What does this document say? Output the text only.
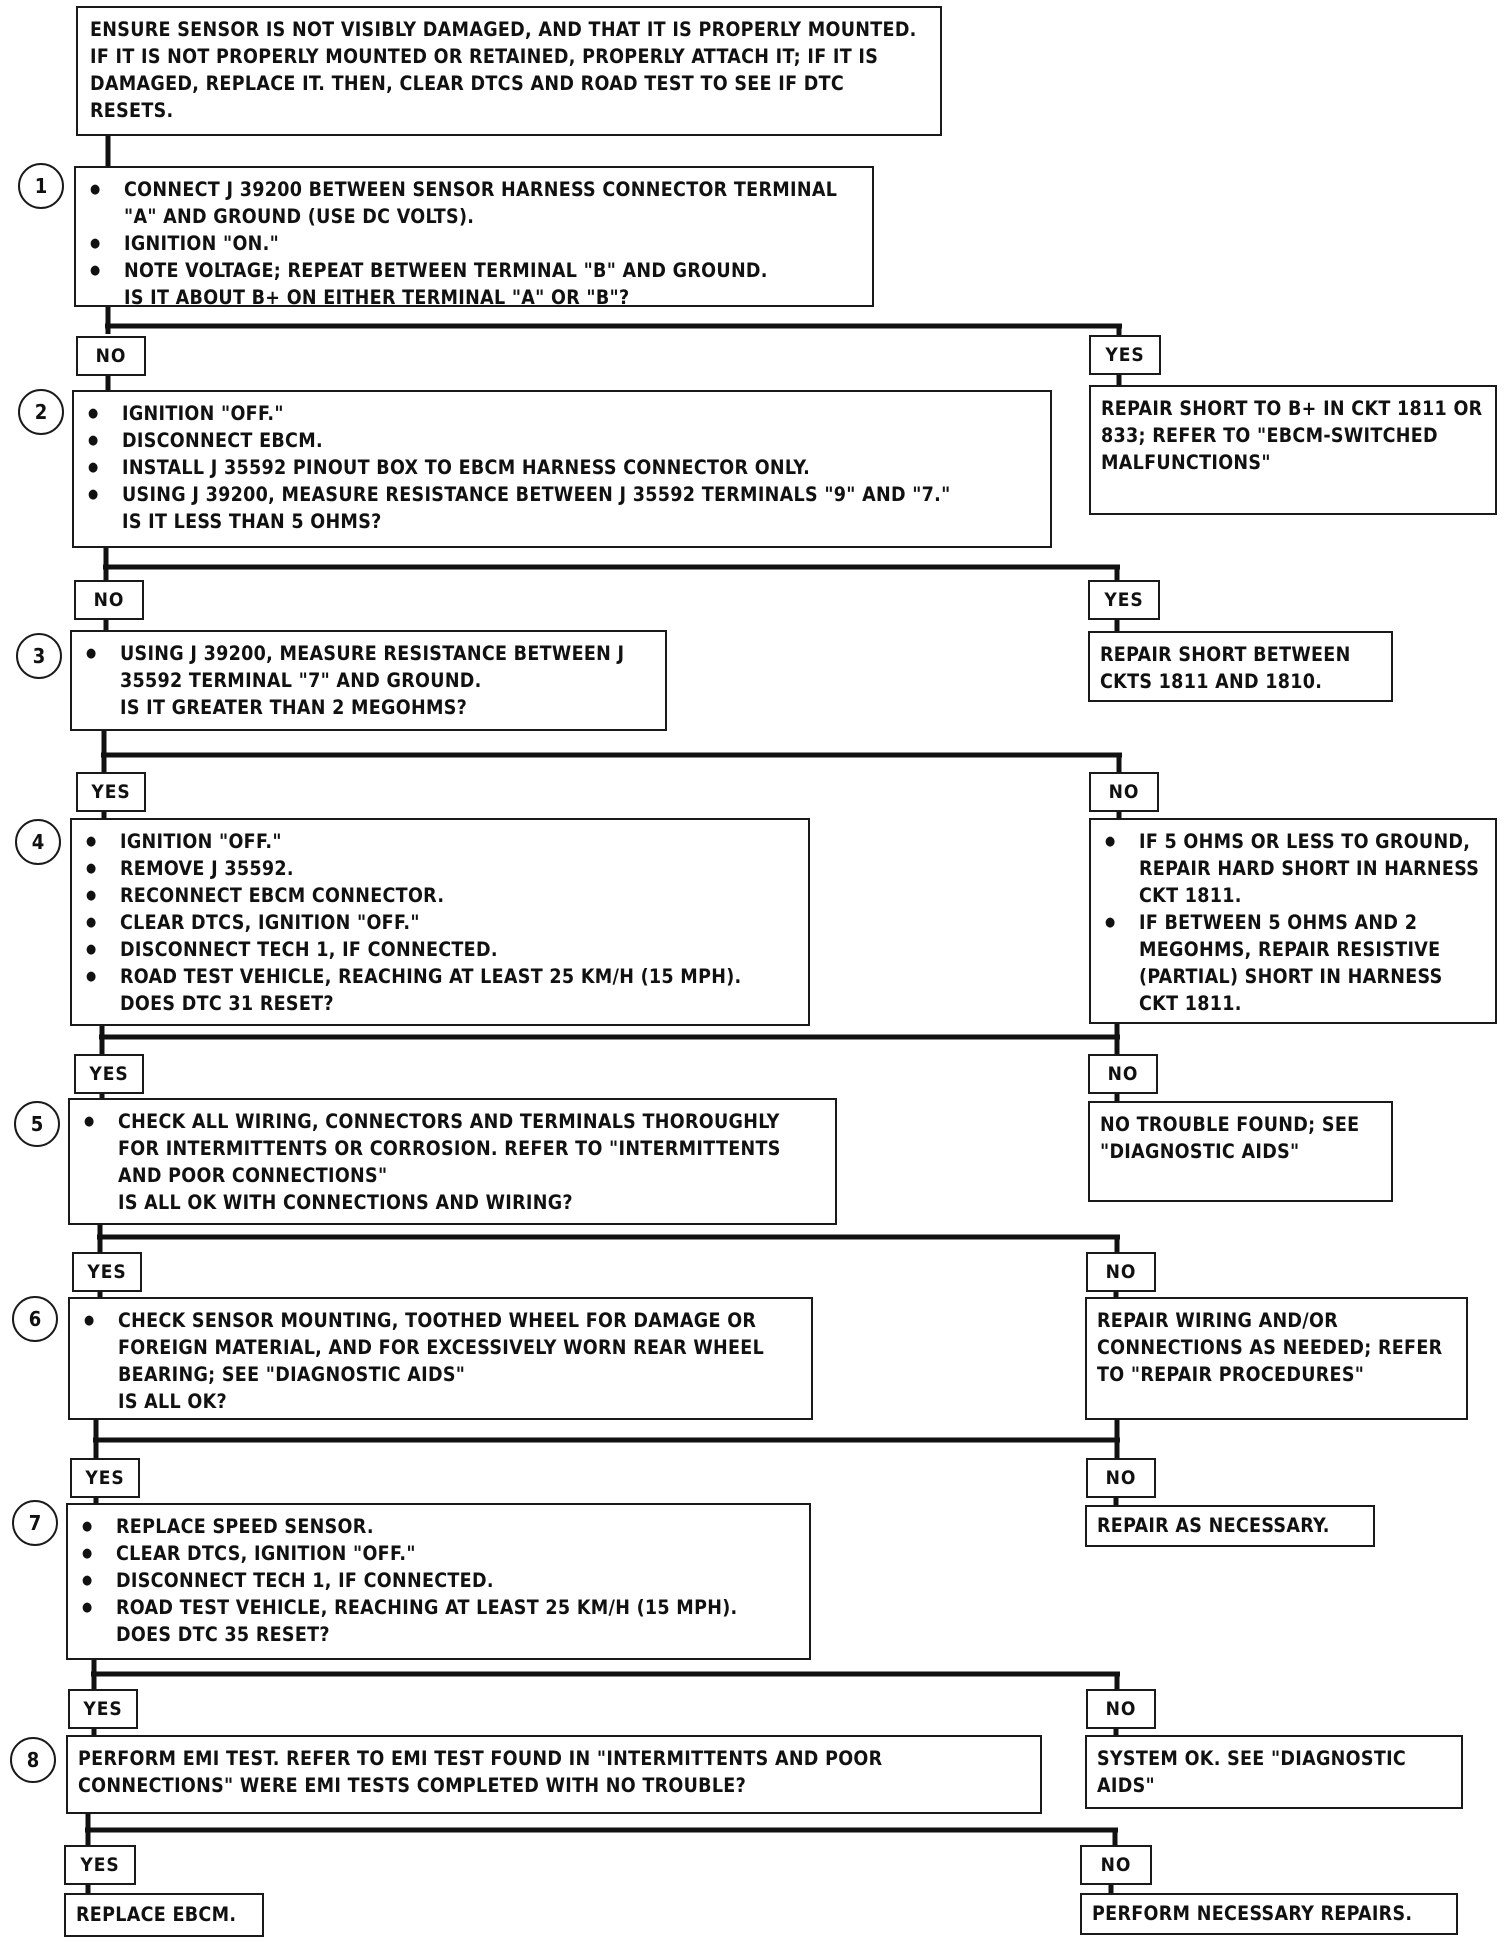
ENSURE SENSOR IS NOT VISIBLY DAMAGED, AND THAT IT IS PROPERLY MOUNTED. IF IT IS NOT PROPERLY MOUNTED OR RETAINED, PROPERLY ATTACH IT; IF IT IS DAMAGED, REPLACE IT. THEN, CLEAR DTCS AND ROAD TEST TO SEE IF DTC RESETS.

1	● CONNECT J 39200 BETWEEN SENSOR HARNESS CONNECTOR TERMINAL "A" AND GROUND (USE DC VOLTS).
● IGNITION "ON."
● NOTE VOLTAGE; REPEAT BETWEEN TERMINAL "B" AND GROUND.

IS IT ABOUT B+ ON EITHER TERMINAL "A" OR "B"?

NO	YES

REPAIR SHORT TO B+ IN CKT 1811 OR 833; REFER TO "EBCM-SWITCHED MALFUNCTIONS"

2	● IGNITION "OFF."
● DISCONNECT EBCM.
● INSTALL J 35592 PINOUT BOX TO EBCM HARNESS CONNECTOR ONLY.
● USING J 39200, MEASURE RESISTANCE BETWEEN J 35592 TERMINALS "9" AND "7."

IS IT LESS THAN 5 OHMS?

NO	YES

REPAIR SHORT BETWEEN CKTS 1811 AND 1810.

3	● USING J 39200, MEASURE RESISTANCE BETWEEN J 35592 TERMINAL "7" AND GROUND.

IS IT GREATER THAN 2 MEGOHMS?

YES	NO
● IF 5 OHMS OR LESS TO GROUND, REPAIR HARD SHORT IN HARNESS CKT 1811.
● IF BETWEEN 5 OHMS AND 2 MEGOHMS, REPAIR RESISTIVE (PARTIAL) SHORT IN HARNESS CKT 1811.
4	● IGNITION "OFF."
● REMOVE J 35592.
● RECONNECT EBCM CONNECTOR.
● CLEAR DTCS, IGNITION "OFF."
● DISCONNECT TECH 1, IF CONNECTED.
● ROAD TEST VEHICLE, REACHING AT LEAST 25 KM/H (15 MPH).

DOES DTC 31 RESET?

YES	NO

NO TROUBLE FOUND; SEE "DIAGNOSTIC AIDS"

5	● CHECK ALL WIRING, CONNECTORS AND TERMINALS THOROUGHLY FOR INTERMITTENTS OR CORROSION. REFER TO "INTERMITTENTS AND POOR CONNECTIONS"

IS ALL OK WITH CONNECTIONS AND WIRING?

YES	NO

REPAIR WIRING AND/OR CONNECTIONS AS NEEDED; REFER TO "REPAIR PROCEDURES"

6	● CHECK SENSOR MOUNTING, TOOTHED WHEEL FOR DAMAGE OR FOREIGN MATERIAL, AND FOR EXCESSIVELY WORN REAR WHEEL BEARING; SEE "DIAGNOSTIC AIDS"

IS ALL OK?

YES	NO

REPAIR AS NECESSARY.

7	● REPLACE SPEED SENSOR.
● CLEAR DTCS, IGNITION "OFF."
● DISCONNECT TECH 1, IF CONNECTED.
● ROAD TEST VEHICLE, REACHING AT LEAST 25 KM/H (15 MPH).

DOES DTC 35 RESET?

YES	NO

SYSTEM OK. SEE "DIAGNOSTIC AIDS"

8	PERFORM EMI TEST. REFER TO EMI TEST FOUND IN "INTERMITTENTS AND POOR CONNECTIONS" WERE EMI TESTS COMPLETED WITH NO TROUBLE?

YES	NO

REPLACE EBCM.	PERFORM NECESSARY REPAIRS.
